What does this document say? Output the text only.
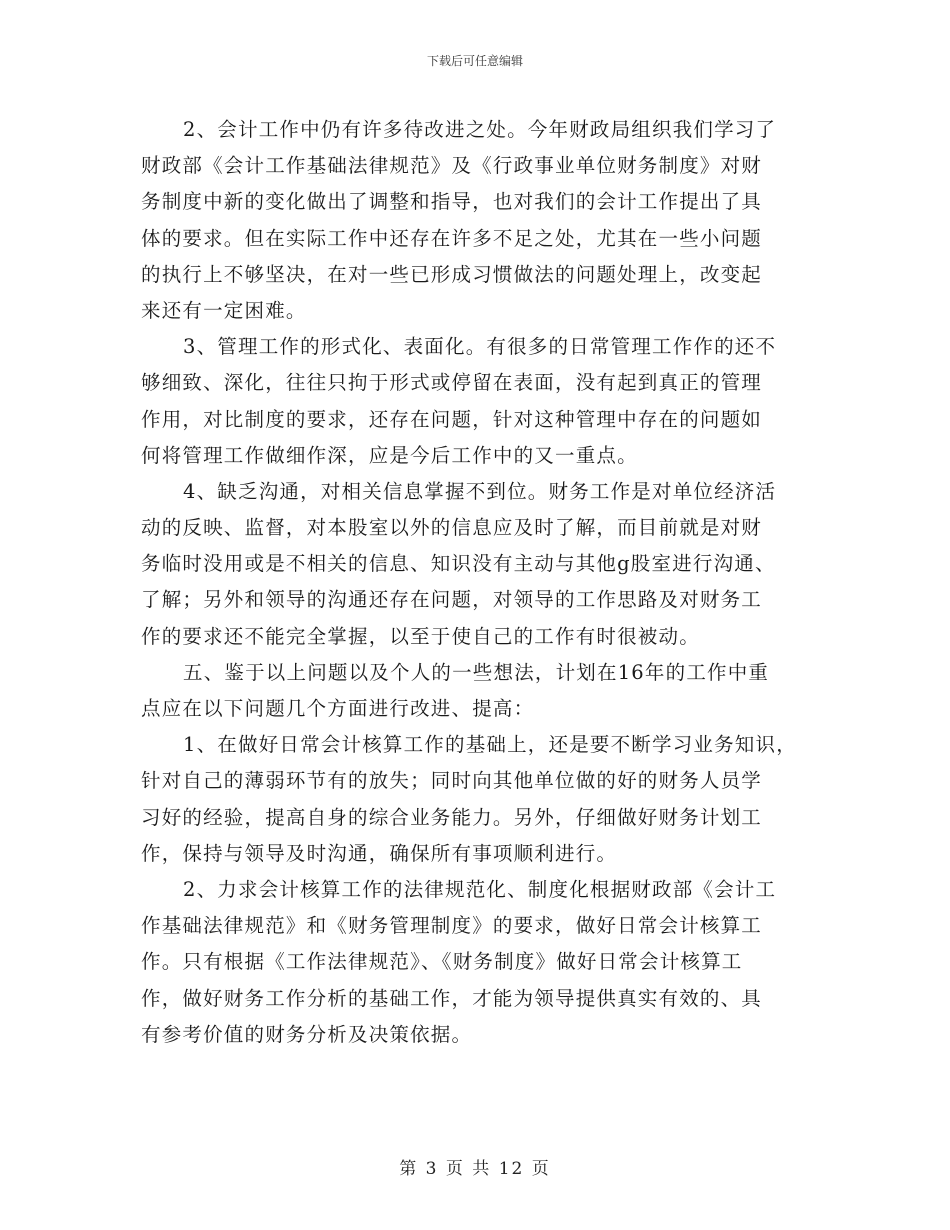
下载后可任意编辑
2、会计工作中仍有许多待改进之处。今年财政局组织我们学习了
财政部《会计工作基础法律规范》及《行政事业单位财务制度》对财
务制度中新的变化做出了调整和指导，也对我们的会计工作提出了具
体的要求。但在实际工作中还存在许多不足之处，尤其在一些小问题
的执行上不够坚决，在对一些已形成习惯做法的问题处理上，改变起
来还有一定困难。
3、管理工作的形式化、表面化。有很多的日常管理工作作的还不
够细致、深化，往往只拘于形式或停留在表面，没有起到真正的管理
作用，对比制度的要求，还存在问题，针对这种管理中存在的问题如
何将管理工作做细作深，应是今后工作中的又一重点。
4、缺乏沟通，对相关信息掌握不到位。财务工作是对单位经济活
动的反映、监督，对本股室以外的信息应及时了解，而目前就是对财
务临时没用或是不相关的信息、知识没有主动与其他g股室进行沟通、
了解；另外和领导的沟通还存在问题，对领导的工作思路及对财务工
作的要求还不能完全掌握，以至于使自己的工作有时很被动。
五、鉴于以上问题以及个人的一些想法，计划在16年的工作中重
点应在以下问题几个方面进行改进、提高：
1、在做好日常会计核算工作的基础上，还是要不断学习业务知识，
针对自己的薄弱环节有的放失；同时向其他单位做的好的财务人员学
习好的经验，提高自身的综合业务能力。另外，仔细做好财务计划工
作，保持与领导及时沟通，确保所有事项顺利进行。
2、力求会计核算工作的法律规范化、制度化根据财政部《会计工
作基础法律规范》和《财务管理制度》的要求，做好日常会计核算工
作。只有根据《工作法律规范》、《财务制度》做好日常会计核算工
作，做好财务工作分析的基础工作，才能为领导提供真实有效的、具
有参考价值的财务分析及决策依据。
第 3 页 共 12 页
